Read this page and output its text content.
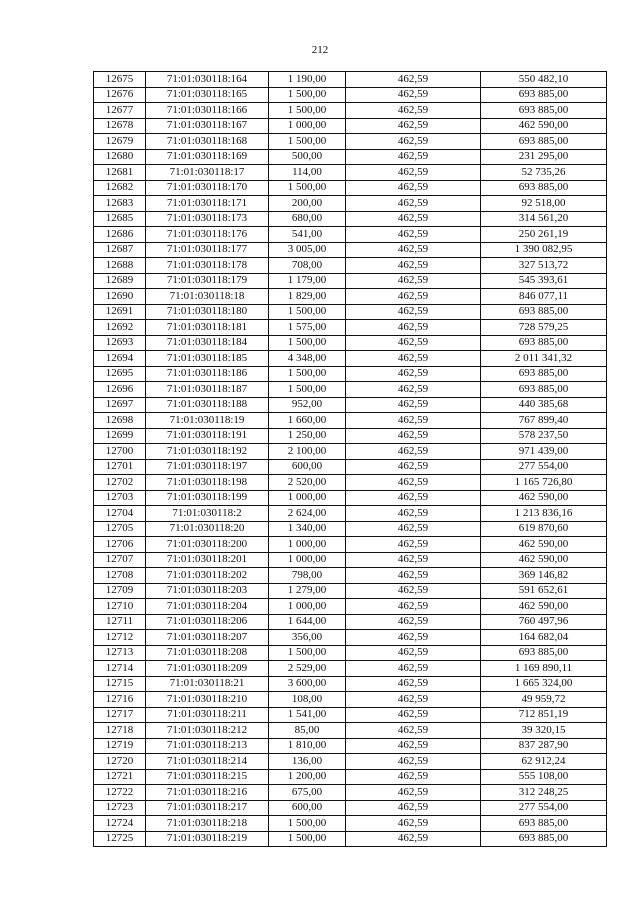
212
12675	71:01:030118:164	1 190,00	462,59	550 482,10
12676	71:01:030118:165	1 500,00	462,59	693 885,00
12677	71:01:030118:166	1 500,00	462,59	693 885,00
12678	71:01:030118:167	1 000,00	462,59	462 590,00
12679	71:01:030118:168	1 500,00	462,59	693 885,00
12680	71:01:030118:169	500,00	462,59	231 295,00
12681	71:01:030118:17	114,00	462,59	52 735,26
12682	71:01:030118:170	1 500,00	462,59	693 885,00
12683	71:01:030118:171	200,00	462,59	92 518,00
12685	71:01:030118:173	680,00	462,59	314 561,20
12686	71:01:030118:176	541,00	462,59	250 261,19
12687	71:01:030118:177	3 005,00	462,59	1 390 082,95
12688	71:01:030118:178	708,00	462,59	327 513,72
12689	71:01:030118:179	1 179,00	462,59	545 393,61
12690	71:01:030118:18	1 829,00	462,59	846 077,11
12691	71:01:030118:180	1 500,00	462,59	693 885,00
12692	71:01:030118:181	1 575,00	462,59	728 579,25
12693	71:01:030118:184	1 500,00	462,59	693 885,00
12694	71:01:030118:185	4 348,00	462,59	2 011 341,32
12695	71:01:030118:186	1 500,00	462,59	693 885,00
12696	71:01:030118:187	1 500,00	462,59	693 885,00
12697	71:01:030118:188	952,00	462,59	440 385,68
12698	71:01:030118:19	1 660,00	462,59	767 899,40
12699	71:01:030118:191	1 250,00	462,59	578 237,50
12700	71:01:030118:192	2 100,00	462,59	971 439,00
12701	71:01:030118:197	600,00	462,59	277 554,00
12702	71:01:030118:198	2 520,00	462,59	1 165 726,80
12703	71:01:030118:199	1 000,00	462,59	462 590,00
12704	71:01:030118:2	2 624,00	462,59	1 213 836,16
12705	71:01:030118:20	1 340,00	462,59	619 870,60
12706	71:01:030118:200	1 000,00	462,59	462 590,00
12707	71:01:030118:201	1 000,00	462,59	462 590,00
12708	71:01:030118:202	798,00	462,59	369 146,82
12709	71:01:030118:203	1 279,00	462,59	591 652,61
12710	71:01:030118:204	1 000,00	462,59	462 590,00
12711	71:01:030118:206	1 644,00	462,59	760 497,96
12712	71:01:030118:207	356,00	462,59	164 682,04
12713	71:01:030118:208	1 500,00	462,59	693 885,00
12714	71:01:030118:209	2 529,00	462,59	1 169 890,11
12715	71:01:030118:21	3 600,00	462,59	1 665 324,00
12716	71:01:030118:210	108,00	462,59	49 959,72
12717	71:01:030118:211	1 541,00	462,59	712 851,19
12718	71:01:030118:212	85,00	462,59	39 320,15
12719	71:01:030118:213	1 810,00	462,59	837 287,90
12720	71:01:030118:214	136,00	462,59	62 912,24
12721	71:01:030118:215	1 200,00	462,59	555 108,00
12722	71:01:030118:216	675,00	462,59	312 248,25
12723	71:01:030118:217	600,00	462,59	277 554,00
12724	71:01:030118:218	1 500,00	462,59	693 885,00
12725	71:01:030118:219	1 500,00	462,59	693 885,00
